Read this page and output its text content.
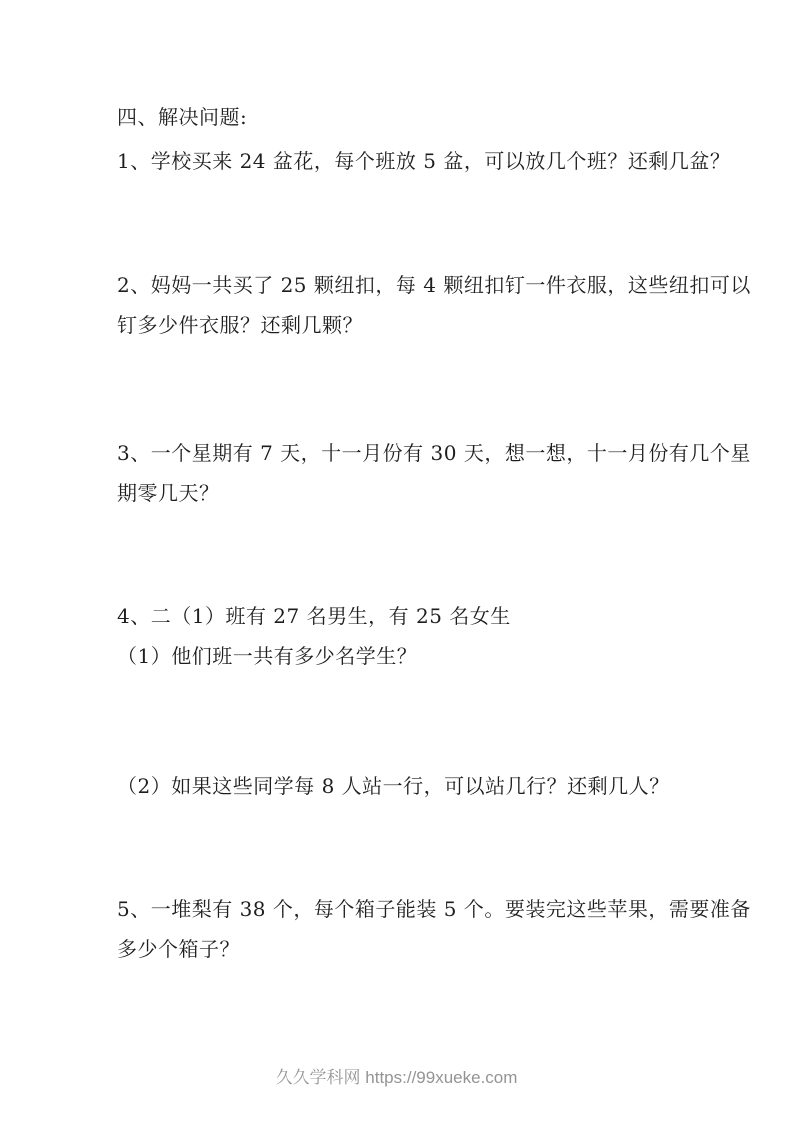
四、解决问题:

1、学校买来 24 盆花，每个班放 5 盆，可以放几个班？还剩几盆？

2、妈妈一共买了 25 颗纽扣，每 4 颗纽扣钉一件衣服，这些纽扣可以

钉多少件衣服？还剩几颗？

3、一个星期有 7 天，十一月份有 30 天，想一想，十一月份有几个星

期零几天？

4、二（1）班有 27 名男生，有 25 名女生

（1）他们班一共有多少名学生？

（2）如果这些同学每 8 人站一行，可以站几行？还剩几人？

5、一堆梨有 38 个，每个箱子能装 5 个。要装完这些苹果，需要准备

多少个箱子？

久久学科网 https://99xueke.com
